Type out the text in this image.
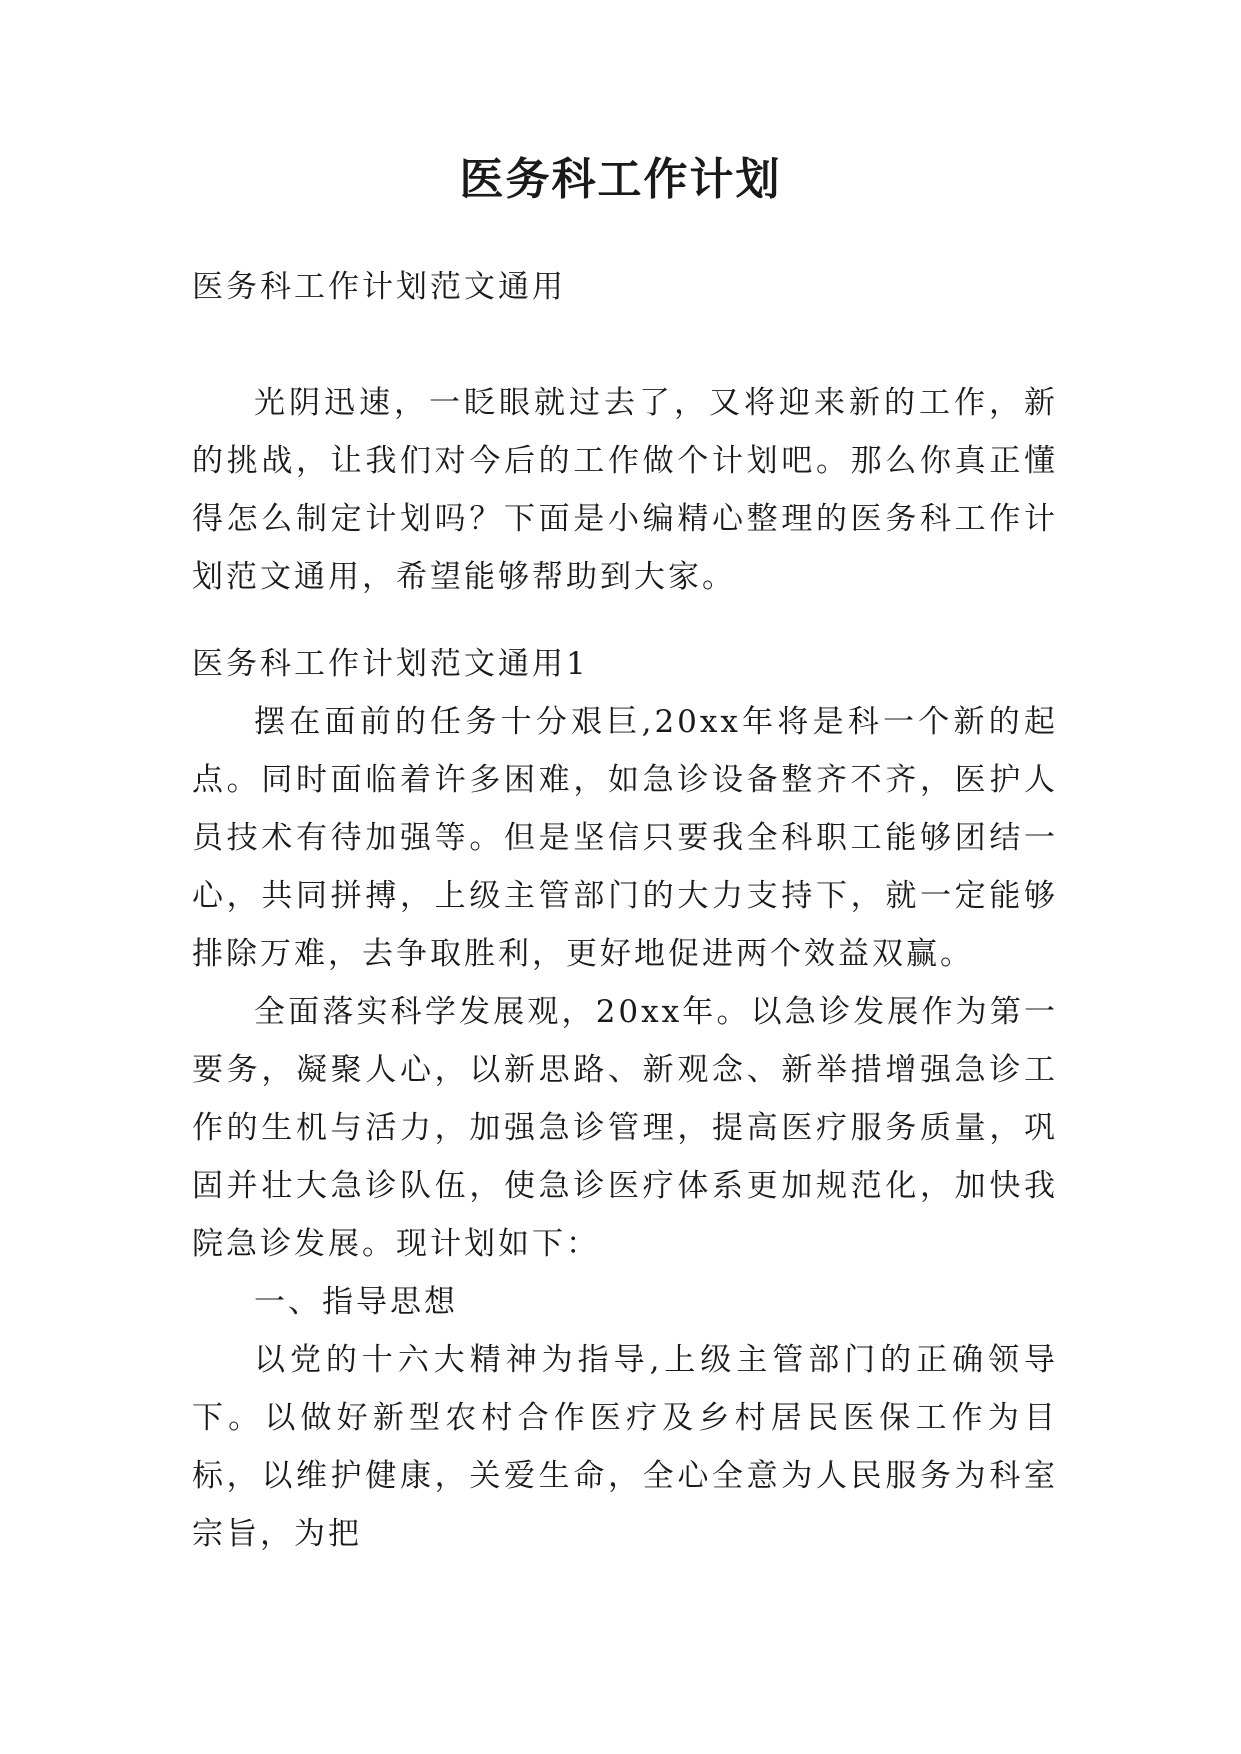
医务科工作计划

医务科工作计划范文通用

光阴迅速，一眨眼就过去了，又将迎来新的工作，新的挑战，让我们对今后的工作做个计划吧。那么你真正懂得怎么制定计划吗？下面是小编精心整理的医务科工作计划范文通用，希望能够帮助到大家。

医务科工作计划范文通用1

摆在面前的任务十分艰巨,20xx年将是科一个新的起点。同时面临着许多困难，如急诊设备整齐不齐，医护人员技术有待加强等。但是坚信只要我全科职工能够团结一心，共同拼搏，上级主管部门的大力支持下，就一定能够排除万难，去争取胜利，更好地促进两个效益双赢。

全面落实科学发展观，20xx年。以急诊发展作为第一要务，凝聚人心，以新思路、新观念、新举措增强急诊工作的生机与活力，加强急诊管理，提高医疗服务质量，巩固并壮大急诊队伍，使急诊医疗体系更加规范化，加快我院急诊发展。现计划如下：

一、指导思想

以党的十六大精神为指导,上级主管部门的正确领导下。以做好新型农村合作医疗及乡村居民医保工作为目标，以维护健康，关爱生命，全心全意为人民服务为科室宗旨，为把
